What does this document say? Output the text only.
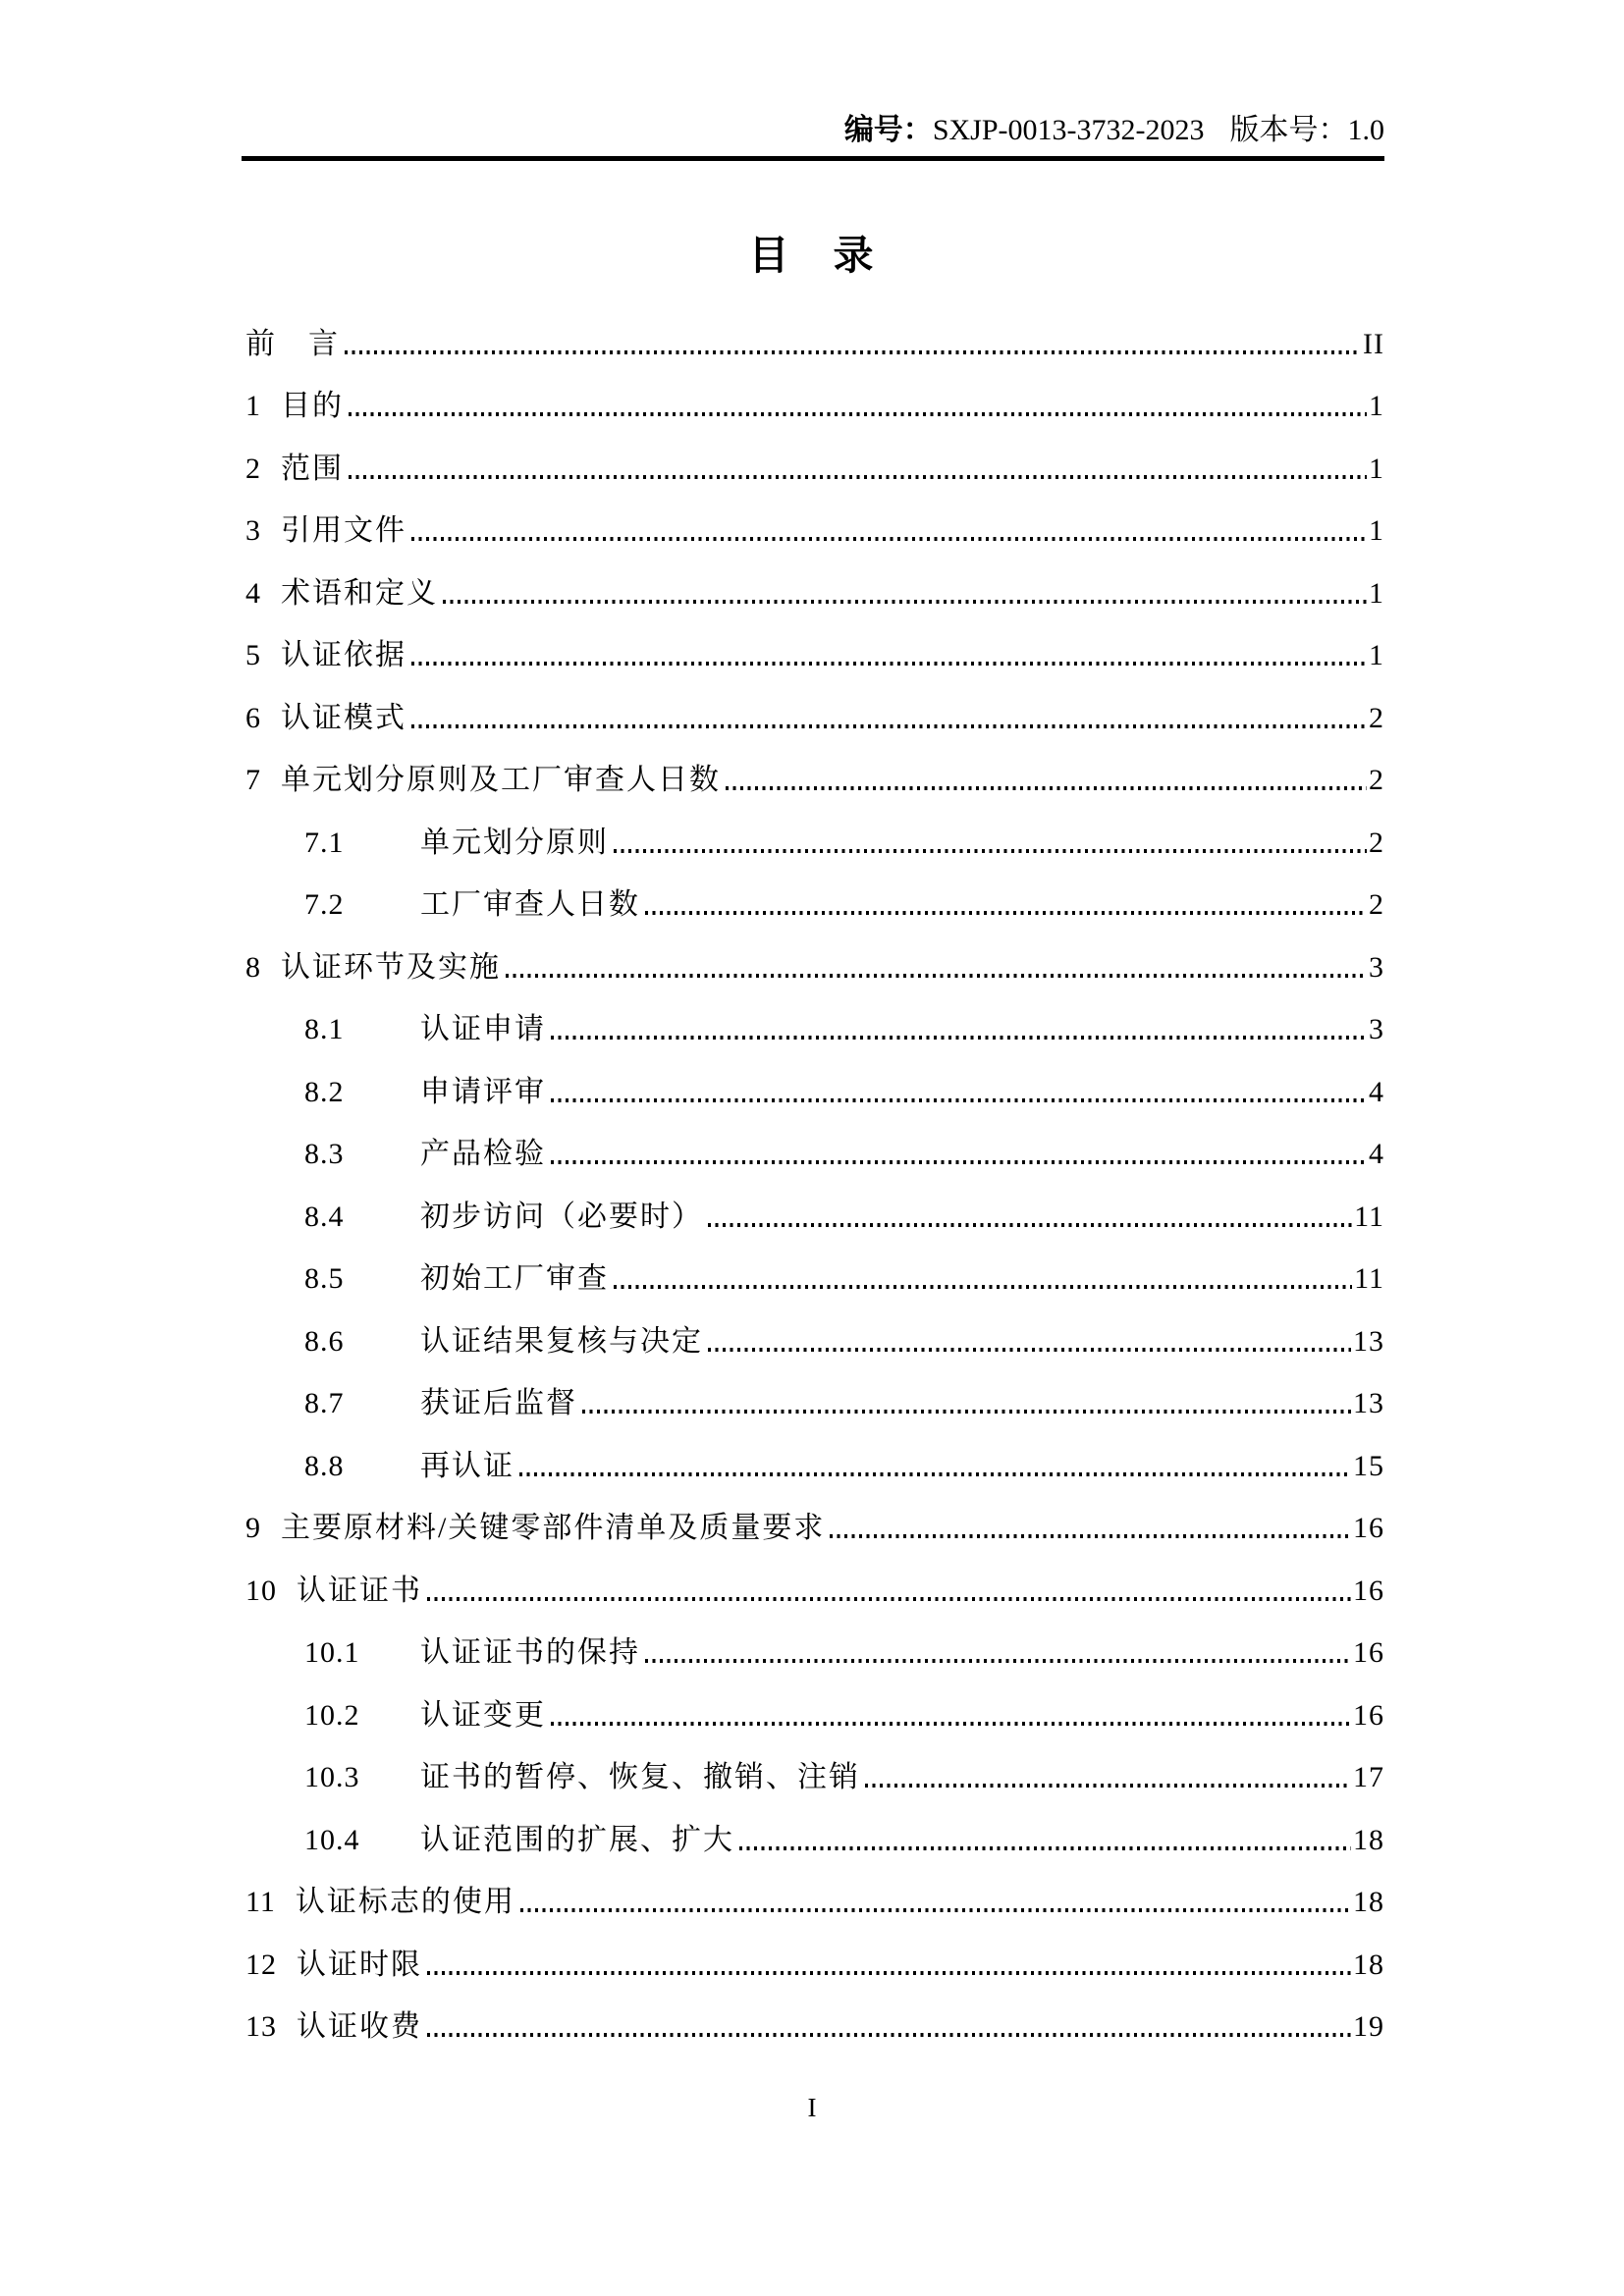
编号：SXJP-0013-3732-2023 版本号：1.0
目　录
前　言	II
1 目的	1
2 范围	1
3 引用文件	1
4 术语和定义	1
5 认证依据	1
6 认证模式	2
7 单元划分原则及工厂审查人日数	2
7.1	单元划分原则	2
7.2	工厂审查人日数	2
8 认证环节及实施	3
8.1	认证申请	3
8.2	申请评审	4
8.3	产品检验	4
8.4	初步访问（必要时）	11
8.5	初始工厂审查	11
8.6	认证结果复核与决定	13
8.7	获证后监督	13
8.8	再认证	15
9 主要原材料/关键零部件清单及质量要求	16
10 认证证书	16
10.1	认证证书的保持	16
10.2	认证变更	16
10.3	证书的暂停、恢复、撤销、注销	17
10.4	认证范围的扩展、扩大	18
11 认证标志的使用	18
12 认证时限	18
13 认证收费	19
I
